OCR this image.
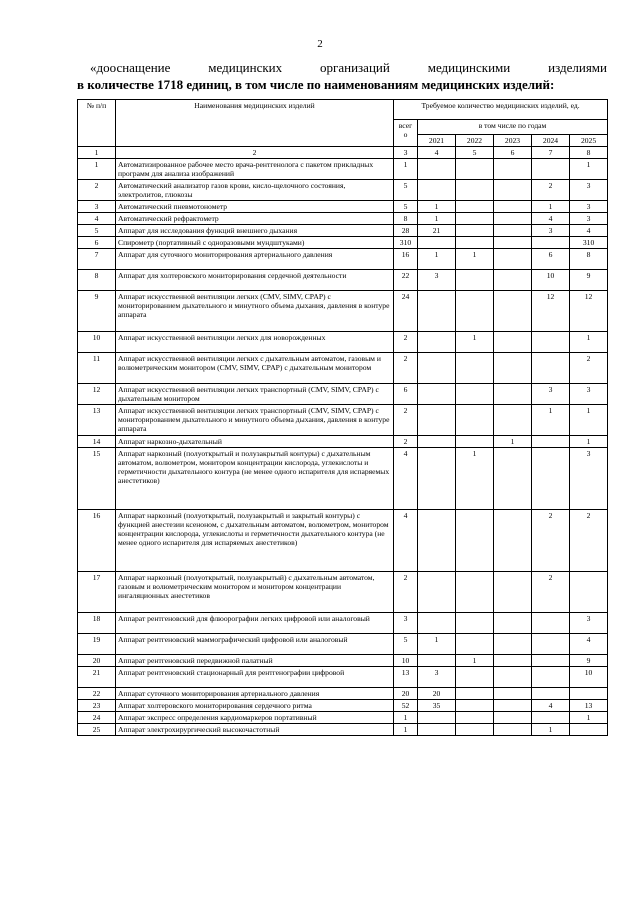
2
«дооснащение медицинских организаций медицинскими изделиями
в количестве 1718 единиц, в том числе по наименованиям медицинских изделий:
№ п/п	Наименования медицинских изделий	Требуемое количество медицинских изделий, ед.					
		всег о	в том числе по годам				
			2021	2022	2023	2024	2025
1	2	3	4	5	6	7	8
1	Автоматизированное рабочее место врача-рентгенолога с пакетом прикладных программ для анализа изображений	1					1
2	Автоматический анализатор газов крови, кисло-щелочного состояния, электролитов, глюкозы	5				2	3
3	Автоматический пневмотонометр	5	1			1	3
4	Автоматический рефрактометр	8	1			4	3
5	Аппарат для исследования функций внешнего дыхания	28	21			3	4
6	Спирометр (портативный с одноразовыми мундштуками)	310					310
7	Аппарат для суточного мониторирования артериального давления	16	1	1		6	8
8	Аппарат для холтеровского мониторирования сердечной деятельности	22	3			10	9
9	Аппарат искусственной вентиляции легких (CMV, SIMV, CPAP) с мониторированием дыхательного и минутного объема дыхания, давления в контуре аппарата	24				12	12
10	Аппарат искусственной вентиляции легких для новорожденных	2		1			1
11	Аппарат искусственной вентиляции легких с дыхательным автоматом, газовым и волюметрическим монитором (CMV, SIMV, CPAP) с дыхательным монитором	2					2
12	Аппарат искусственной вентиляции легких транспортный (CMV, SIMV, CPAP) с дыхательным монитором	6				3	3
13	Аппарат искусственной вентиляции легких транспортный (CMV, SIMV, CPAP) с мониторированием дыхательного и минутного объема дыхания, давления в контуре аппарата	2				1	1
14	Аппарат наркозно-дыхательный	2			1		1
15	Аппарат наркозный (полуоткрытый и полузакрытый контуры) с дыхательным автоматом, волюметром, монитором концентрации кислорода, углекислоты и герметичности дыхательного контура (не менее одного испарителя для испаряемых анестетиков)	4		1			3
16	Аппарат наркозный (полуоткрытый, полузакрытый и закрытый контуры) с функцией анестезии ксеноном, с дыхательным автоматом, волюметром, монитором концентрации кислорода, углекислоты и герметичности дыхательного контура (не менее одного испарителя для испаряемых анестетиков)	4				2	2
17	Аппарат наркозный (полуоткрытый, полузакрытый) с дыхательным автоматом, газовым и волюметрическим монитором и монитором концентрации ингаляционных анестетиков	2				2	
18	Аппарат рентгеновский для флюорографии легких цифровой или аналоговый	3					3
19	Аппарат рентгеновский маммографический цифровой или аналоговый	5	1				4
20	Аппарат рентгеновский передвижной палатный	10		1			9
21	Аппарат рентгеновский стационарный для рентгенографии цифровой	13	3				10
22	Аппарат суточного мониторирования артериального давления	20	20				
23	Аппарат холтеровского мониторирования сердечного ритма	52	35			4	13
24	Аппарат экспресс определения кардиомаркеров портативный	1					1
25	Аппарат электрохирургический высокочастотный	1				1	
